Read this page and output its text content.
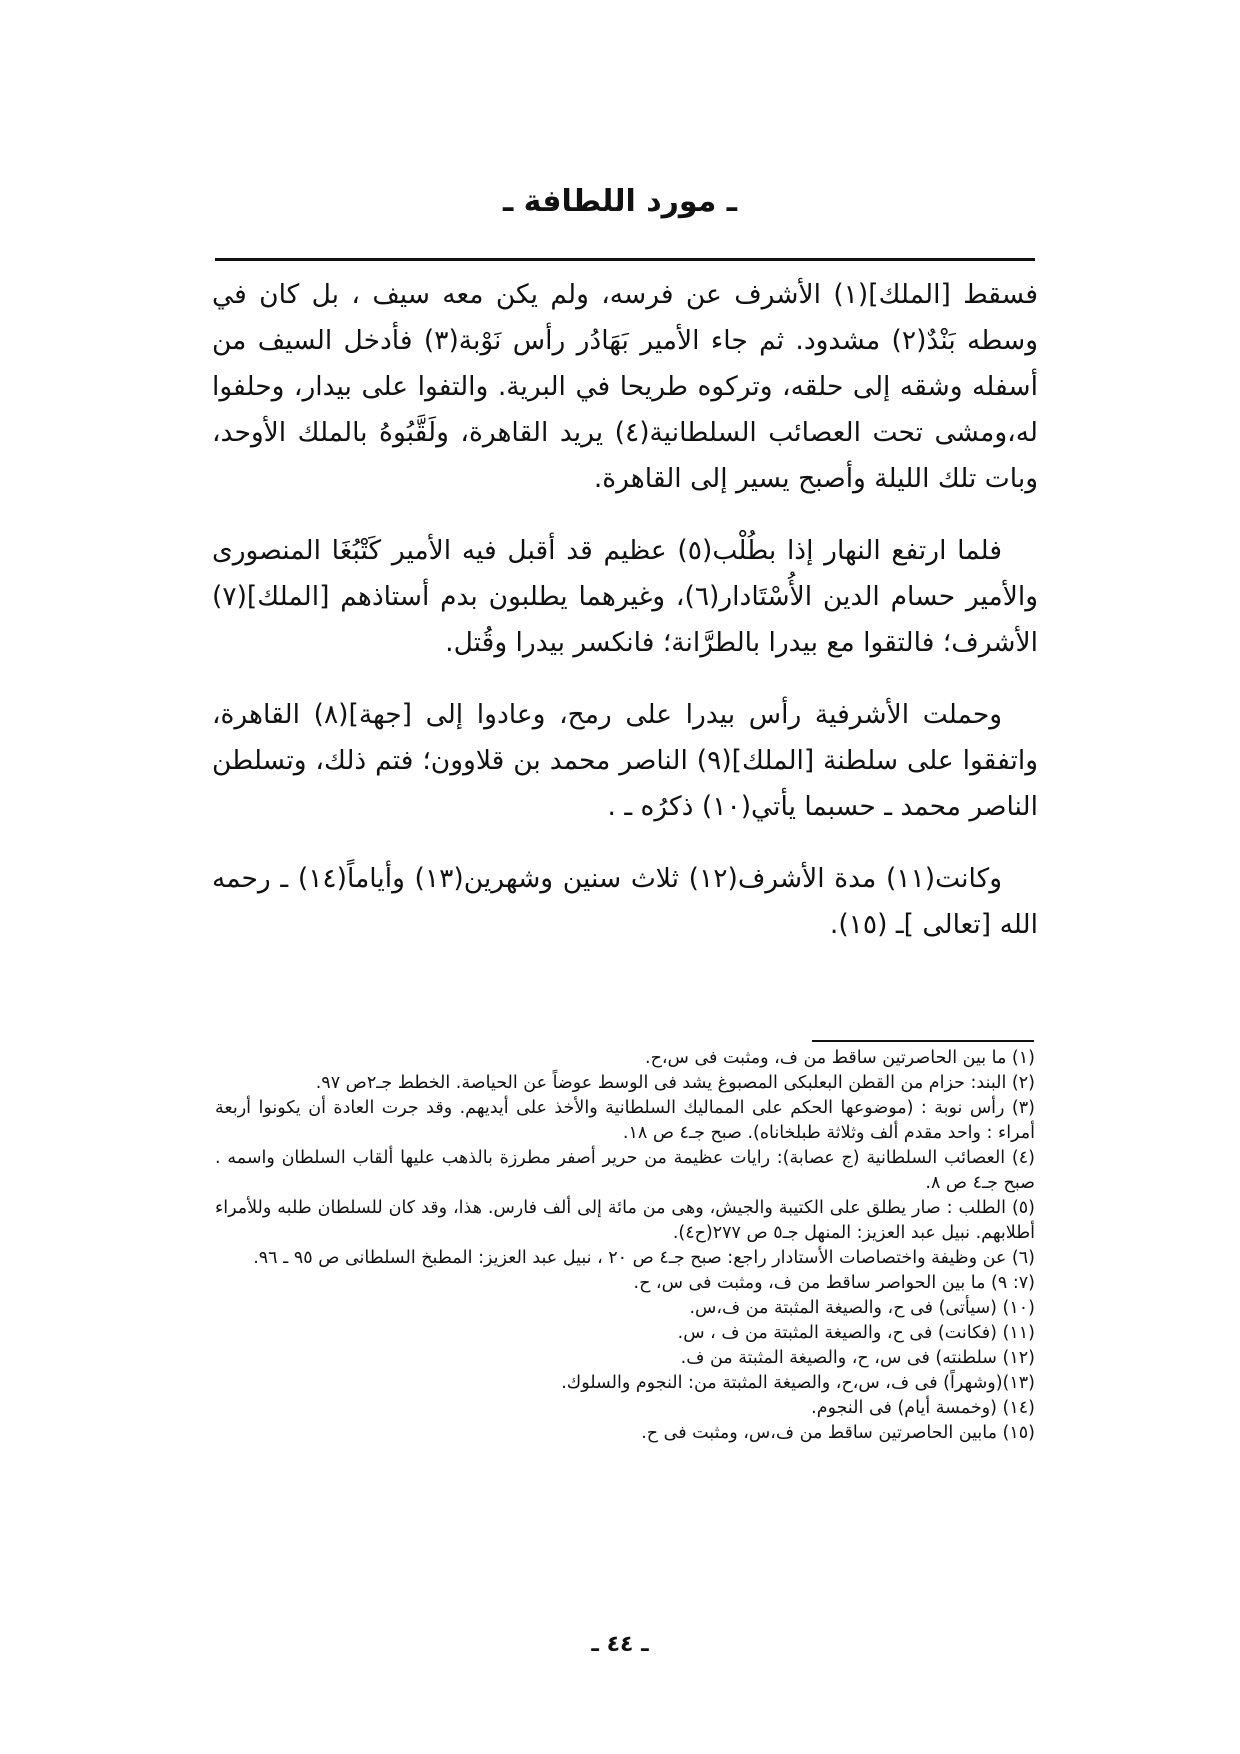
ـ مورد اللطافة ـ

فسقط [الملك](١) الأشرف عن فرسه، ولم يكن معه سيف ، بل كان في وسطه بَنْدٌ(٢) مشدود. ثم جاء الأمير بَهَادُر رأس نَوْبة(٣) فأدخل السيف من أسفله وشقه إلى حلقه، وتركوه طريحا في البرية. والتفوا على بيدار، وحلفوا له،ومشى تحت العصائب السلطانية(٤) يريد القاهرة، ولَقَّبُوهُ بالملك الأوحد، وبات تلك الليلة وأصبح يسير إلى القاهرة.

فلما ارتفع النهار إذا بطُلْب(٥) عظيم قد أقبل فيه الأمير كَتْبُغَا المنصورى والأمير حسام الدين الأُسْتَادار(٦)، وغيرهما يطلبون بدم أستاذهم [الملك](٧) الأشرف؛ فالتقوا مع بيدرا بالطرَّانة؛ فانكسر بيدرا وقُتل.

وحملت الأشرفية رأس بيدرا على رمح، وعادوا إلى [جهة](٨) القاهرة، واتفقوا على سلطنة [الملك](٩) الناصر محمد بن قلاوون؛ فتم ذلك، وتسلطن الناصر محمد ـ حسبما يأتي(١٠) ذكرُه ـ .

وكانت(١١) مدة الأشرف(١٢) ثلاث سنين وشهرين(١٣) وأياماً(١٤) ـ رحمه الله [تعالى ]ـ (١٥).

(١) ما بين الحاصرتين ساقط من ف، ومثبت فى س،ح.

(٢) البند: حزام من القطن البعلبكى المصبوغ يشد فى الوسط عوضاً عن الحياصة. الخطط جـ٢ص ٩٧.

(٣) رأس نوبة : (موضوعها الحكم على المماليك السلطانية والأخذ على أيديهم. وقد جرت العادة أن يكونوا أربعة أمراء : واحد مقدم ألف وثلاثة طبلخاناه). صبح جـ٤ ص ١٨.

(٤) العصائب السلطانية (ج عصابة): رايات عظيمة من حرير أصفر مطرزة بالذهب عليها ألقاب السلطان واسمه . صبح جـ٤ ص ٨.

(٥) الطلب : صار يطلق على الكتيبة والجيش، وهى من مائة إلى ألف فارس. هذا، وقد كان للسلطان طلبه وللأمراء أطلابهم. نبيل عبد العزيز: المنهل جـ٥ ص ٢٧٧(ح٤).

(٦) عن وظيفة واختصاصات الأستادار راجع: صبح جـ٤ ص ٢٠ ، نبيل عبد العزيز: المطبخ السلطانى ص ٩٥ ـ ٩٦.

(٧: ٩) ما بين الحواصر ساقط من ف، ومثبت فى س، ح.

(١٠) (سيأتى) فى ح، والصيغة المثبتة من ف،س.

(١١) (فكانت) فى ح، والصيغة المثبتة من ف ، س.

(١٢) سلطنته) فى س، ح، والصيغة المثبتة من ف.

(١٣)(وشهراً) فى ف، س،ح، والصيغة المثبتة من: النجوم والسلوك.

(١٤) (وخمسة أيام) فى النجوم.

(١٥) مابين الحاصرتين ساقط من ف،س، ومثبت فى ح.

ـ ٤٤ ـ
